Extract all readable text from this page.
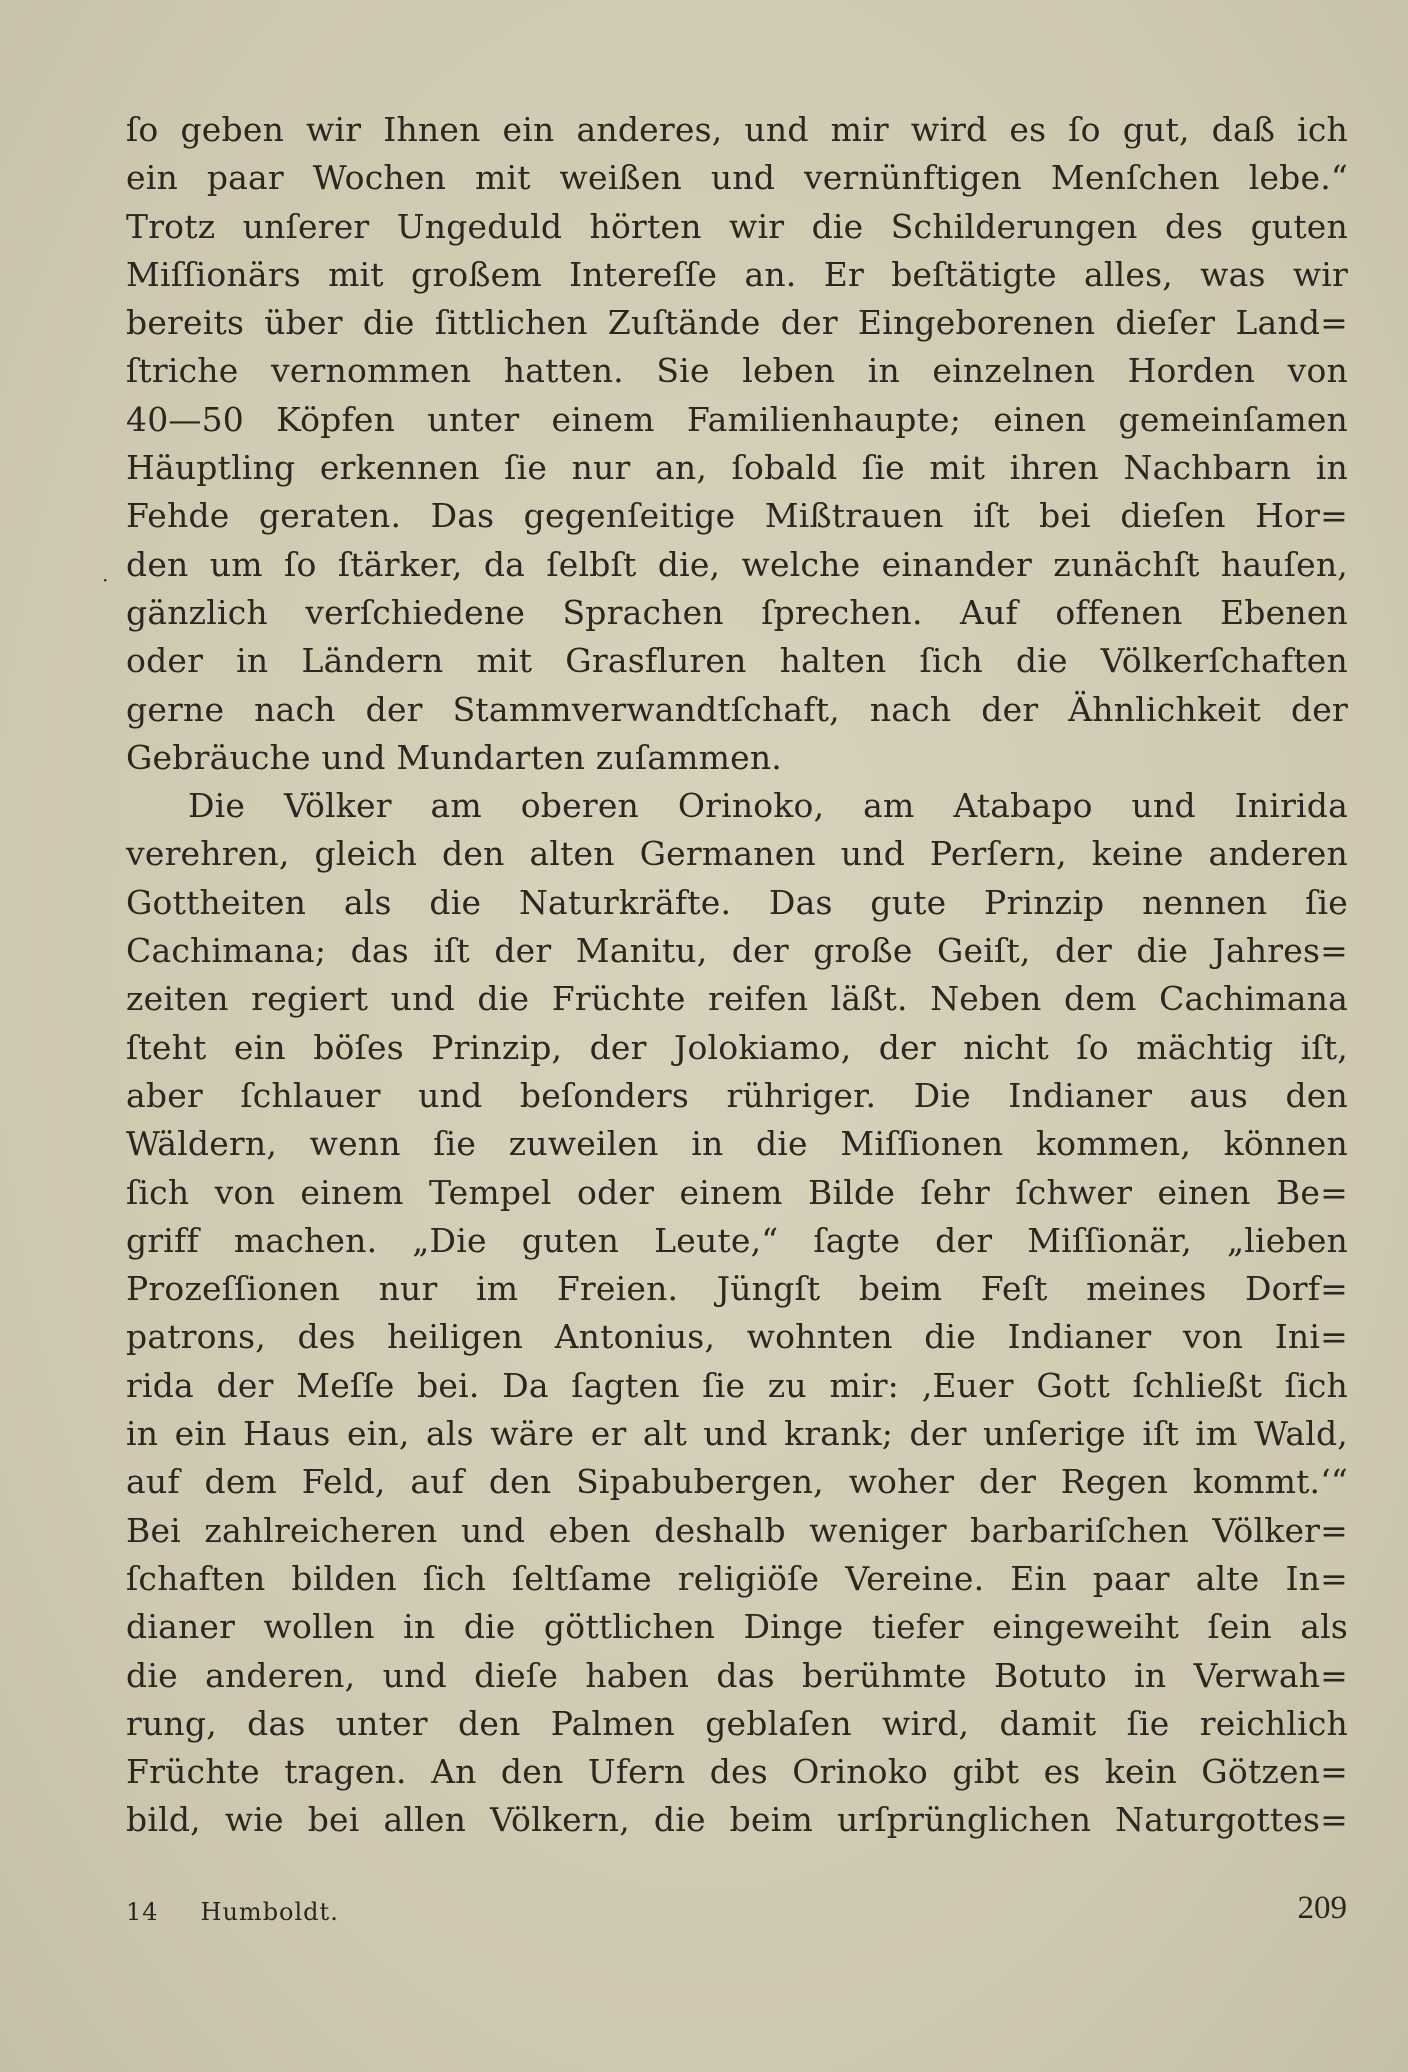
·
ſo geben wir Ihnen ein anderes, und mir wird es ſo gut, daß ich
ein paar Wochen mit weißen und vernünftigen Menſchen lebe.“
Trotz unſerer Ungeduld hörten wir die Schilderungen des guten
Miſſionärs mit großem Intereſſe an. Er beſtätigte alles, was wir
bereits über die ſittlichen Zuſtände der Eingeborenen dieſer Land=
ſtriche vernommen hatten. Sie leben in einzelnen Horden von
40—50 Köpfen unter einem Familienhaupte; einen gemeinſamen
Häuptling erkennen ſie nur an, ſobald ſie mit ihren Nachbarn in
Fehde geraten. Das gegenſeitige Mißtrauen iſt bei dieſen Hor=
den um ſo ſtärker, da ſelbſt die, welche einander zunächſt hauſen,
gänzlich verſchiedene Sprachen ſprechen. Auf offenen Ebenen
oder in Ländern mit Grasfluren halten ſich die Völkerſchaften
gerne nach der Stammverwandtſchaft, nach der Ähnlichkeit der
Gebräuche und Mundarten zuſammen.
Die Völker am oberen Orinoko, am Atabapo und Inirida
verehren, gleich den alten Germanen und Perſern, keine anderen
Gottheiten als die Naturkräfte. Das gute Prinzip nennen ſie
Cachimana; das iſt der Manitu, der große Geiſt, der die Jahres=
zeiten regiert und die Früchte reifen läßt. Neben dem Cachimana
ſteht ein böſes Prinzip, der Jolokiamo, der nicht ſo mächtig iſt,
aber ſchlauer und beſonders rühriger. Die Indianer aus den
Wäldern, wenn ſie zuweilen in die Miſſionen kommen, können
ſich von einem Tempel oder einem Bilde ſehr ſchwer einen Be=
griff machen. „Die guten Leute,“ ſagte der Miſſionär, „lieben
Prozeſſionen nur im Freien. Jüngſt beim Feſt meines Dorf=
patrons, des heiligen Antonius, wohnten die Indianer von Ini=
rida der Meſſe bei. Da ſagten ſie zu mir: ‚Euer Gott ſchließt ſich
in ein Haus ein, als wäre er alt und krank; der unſerige iſt im Wald,
auf dem Feld, auf den Sipabubergen, woher der Regen kommt.‘“
Bei zahlreicheren und eben deshalb weniger barbariſchen Völker=
ſchaften bilden ſich ſeltſame religiöſe Vereine. Ein paar alte In=
dianer wollen in die göttlichen Dinge tiefer eingeweiht ſein als
die anderen, und dieſe haben das berühmte Botuto in Verwah=
rung, das unter den Palmen geblaſen wird, damit ſie reichlich
Früchte tragen. An den Ufern des Orinoko gibt es kein Götzen=
bild, wie bei allen Völkern, die beim urſprünglichen Naturgottes=
14 Humboldt.	209
